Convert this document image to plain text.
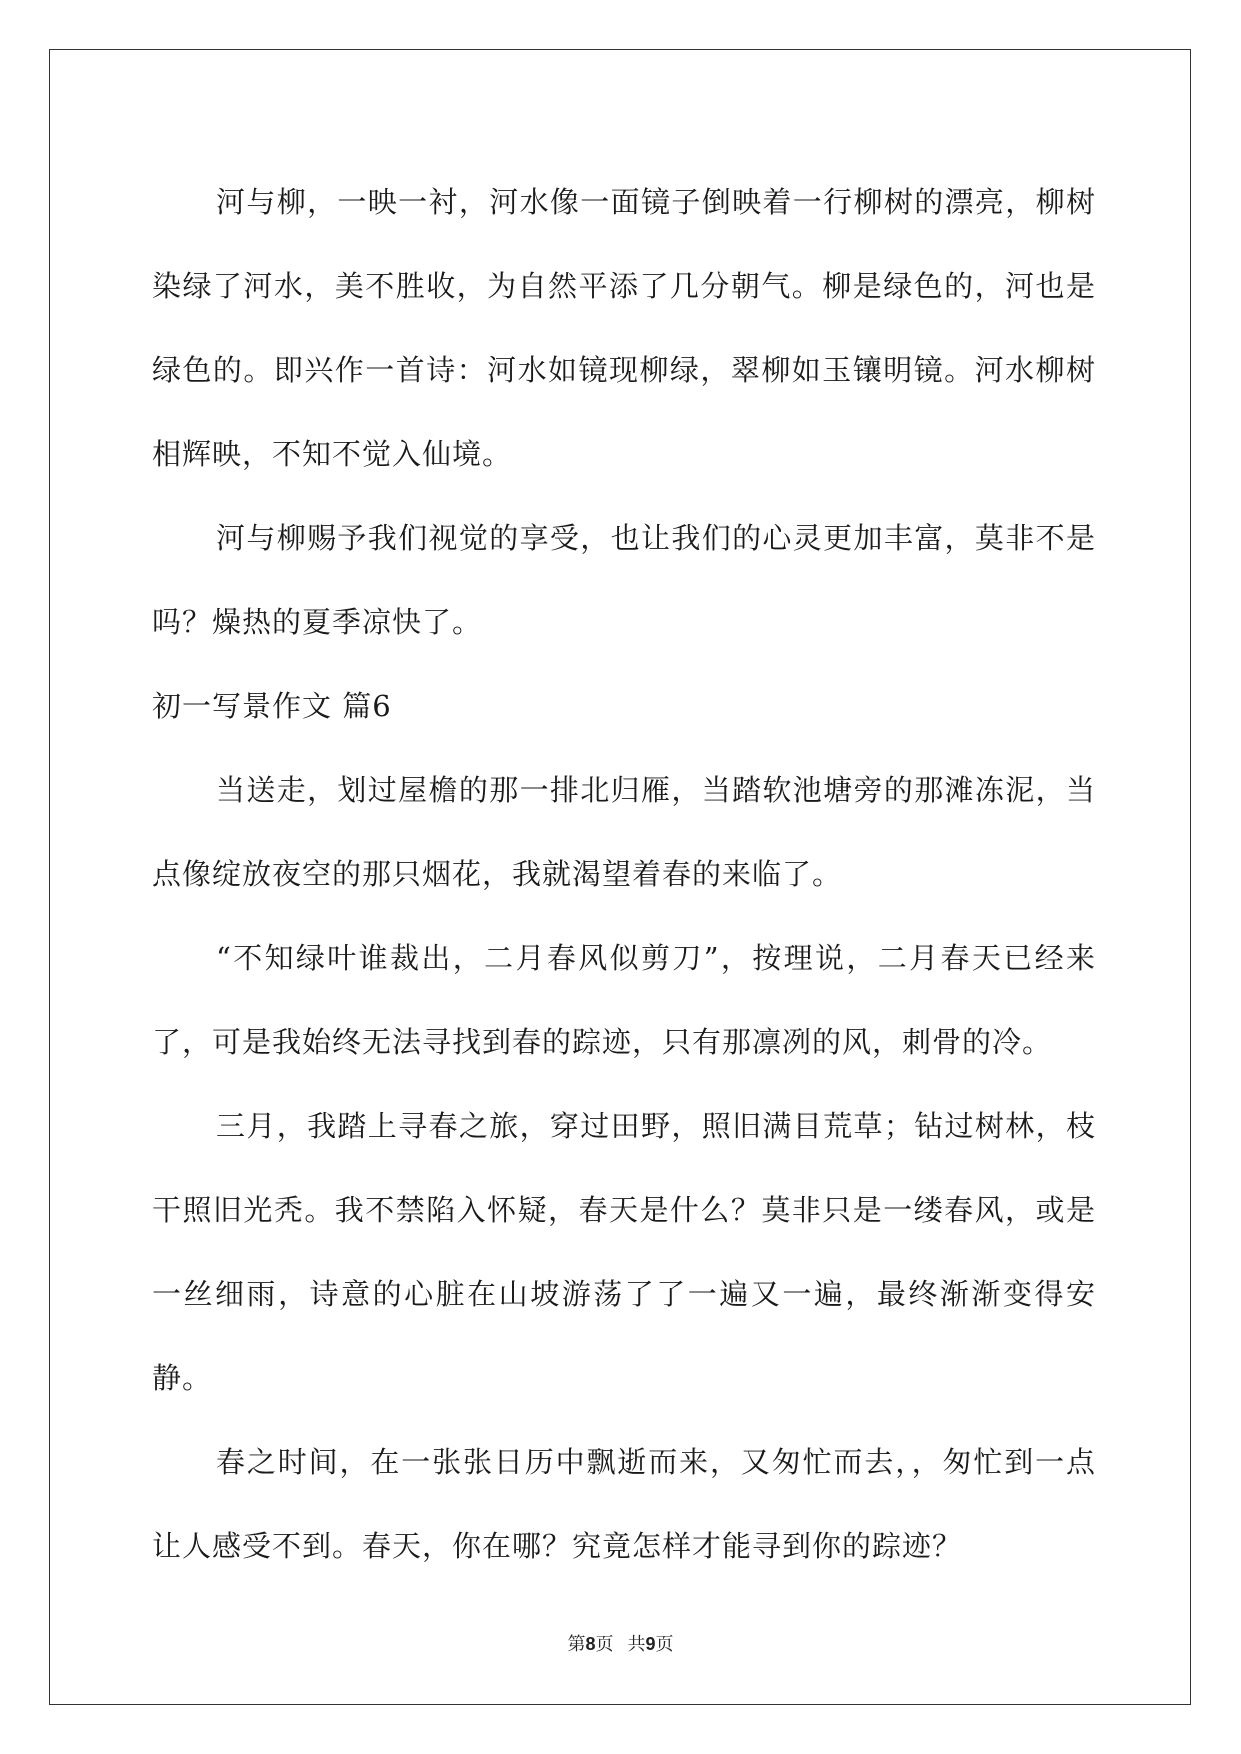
河与柳，一映一衬，河水像一面镜子倒映着一行柳树的漂亮，柳树染绿了河水，美不胜收，为自然平添了几分朝气。柳是绿色的，河也是绿色的。即兴作一首诗：河水如镜现柳绿，翠柳如玉镶明镜。河水柳树相辉映，不知不觉入仙境。

河与柳赐予我们视觉的享受，也让我们的心灵更加丰富，莫非不是吗？燥热的夏季凉快了。

初一写景作文 篇6

当送走，划过屋檐的那一排北归雁，当踏软池塘旁的那滩冻泥，当点像绽放夜空的那只烟花，我就渴望着春的来临了。

“不知绿叶谁裁出，二月春风似剪刀”，按理说，二月春天已经来了，可是我始终无法寻找到春的踪迹，只有那凛冽的风，刺骨的冷。

三月，我踏上寻春之旅，穿过田野，照旧满目荒草；钻过树林，枝干照旧光秃。我不禁陷入怀疑，春天是什么？莫非只是一缕春风，或是一丝细雨，诗意的心脏在山坡游荡了了一遍又一遍，最终渐渐变得安静。

春之时间，在一张张日历中飘逝而来，又匆忙而去，，匆忙到一点让人感受不到。春天，你在哪？究竟怎样才能寻到你的踪迹？

第8页 共9页
